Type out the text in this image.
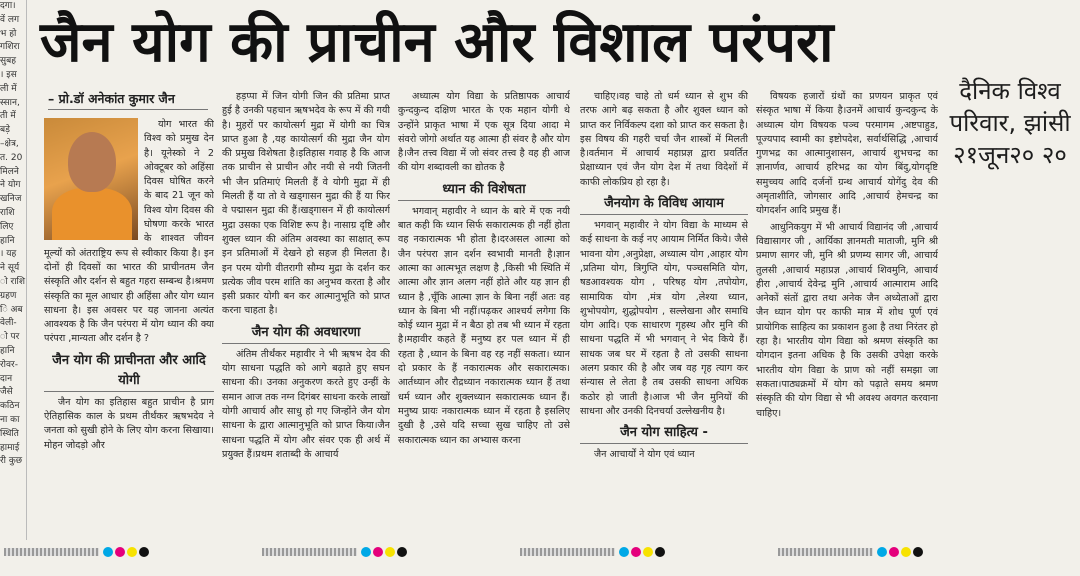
दगा।
वें लग
भ हो
गशिरा
सुबह
। इस
ली में
स्सान,
ती में
बड़े
–क्षेत्र,
त. 20
मिलने
ने योग
खनिज
राशि
लिए
हानि
। यह
ने सूर्य
ो राशि
ग्रहण
ि अब
वेली-
ो पर
हानि
रोवर-
दान
जैसे
कठिन
ना का
स्थिति
हामाई
री कुछ
जैन योग की प्राचीन और विशाल परंपरा
– प्रो.डॉ अनेकांत कुमार जैन

योग भारत की विश्व को प्रमुख देन है। यूनेस्को ने 2 ओक्टूबर को अहिंसा दिवस घोषित करने के बाद 21 जून को विश्व योग दिवस की घोषणा करके भारत के शाश्वत जीवन मूल्यों को अंतराष्ट्रिय रूप से स्वीकार किया है। इन दोनों ही दिवसों का भारत की प्राचीनतम जैन संस्कृति और दर्शन से बहुत गहरा सम्बन्ध है।श्रमण संस्कृति का मूल आधार ही अहिंसा और योग ध्यान साधना है। इस अवसर पर यह जानना अत्यंत आवश्यक है कि जैन परंपरा में योग ध्यान की क्या परंपरा ,मान्यता और दर्शन है ?

जैन योग की प्राचीनता और आदि योगी

जैन योग का इतिहास बहुत प्राचीन है प्राग ऐतिहासिक काल के प्रथम तीर्थंकर ऋषभदेव ने जनता को सुखी होने के लिए योग करना सिखाया।मोहन जोदड़ो और

हड़प्पा में जिन योगी जिन की प्रतिमा प्राप्त हुई है उनकी पहचान ऋषभदेव के रूप में की गयी है। मुहरों पर कायोत्सर्ग मुद्रा में योगी का चित्र प्राप्त हुआ है ,यह कायोत्सर्ग की मुद्रा जैन योग की प्रमुख विशेषता है।इतिहास गवाह है कि आज तक प्राचीन से प्राचीन और नयी से नयी जितनी भी जैन प्रतिमाएं मिलती हैं वे योगी मुद्रा में ही मिलती हैं या तो वे खड्गासन मुद्रा की हैं या फिर वे पद्मासन मुद्रा की हैं।खड्गासन में ही कायोत्सर्ग मुद्रा उसका एक विशिष्ट रूप है। नासाग्र दृष्टि और शुक्ल ध्यान की अंतिम अवस्था का साक्षात् रूप इन प्रतिमाओं में देखने हो सहज ही मिलता है। इन परम योगी वीतरागी सौम्य मुद्रा के दर्शन कर प्रत्येक जीव परम शांति का अनुभव करता है और इसी प्रकार योगी बन कर आत्मानुभूति को प्राप्त करना चाहता है।

जैन योग की अवधारणा

अंतिम तीर्थंकर महावीर ने भी ऋषभ देव की योग साधना पद्धति को आगे बढ़ाते हुए सघन साधना की। उनका अनुकरण करते हुए उन्हीं के समान आज तक नग्न दिगंबर साधना करके लाखों योगी आचार्य और साधु हो गए जिन्होंने जैन योग साधना के द्वारा आत्मानुभूति को प्राप्त किया।जैन साधना पद्धति में योग और संवर एक ही अर्थ में प्रयुक्त हैं।प्रथम शताब्दी के आचार्य

अध्यात्म योग विद्या के प्रतिष्ठापक आचार्य कुन्दकुन्द दक्षिण भारत के एक महान योगी थे उन्होंने प्राकृत भाषा में एक सूत्र दिया आदा मे संवरो जोगो अर्थात यह आत्मा ही संवर है और योग है।जैन तत्त्व विद्या में जो संवर तत्त्व है वह ही आज की योग शब्दावली का द्योतक है

ध्यान की विशेषता

भगवान् महावीर ने ध्यान के बारे में एक नयी बात कही कि ध्यान सिर्फ सकारात्मक ही नहीं होता वह नकारात्मक भी होता है।दरअसल आत्मा को जैन परंपरा ज्ञान दर्शन स्वभावी मानती है।ज्ञान आत्मा का आत्मभूत लक्षण है ,किसी भी स्थिति में आत्मा और ज्ञान अलग नहीं होते और यह ज्ञान ही ध्यान है ,चूँकि आत्मा ज्ञान के बिना नहीं अतः वह ध्यान के बिना भी नहीं।पढ़कर आश्चर्य लगेगा कि कोई ध्यान मुद्रा में न बैठा हो तब भी ध्यान में रहता है।महावीर कहते हैं मनुष्य हर पल ध्यान में ही रहता है ,ध्यान के बिना वह रह नहीं सकता। ध्यान दो प्रकार के हैं नकारात्मक और सकारात्मक। आर्तध्यान और रौद्रध्यान नकारात्मक ध्यान हैं तथा धर्म ध्यान और शुक्लध्यान सकारात्मक ध्यान हैं।मनुष्य प्रायः नकारात्मक ध्यान में रहता है इसलिए दुखी है ,उसे यदि सच्चा सुख चाहिए तो उसे सकारात्मक ध्यान का अभ्यास करना

चाहिए।वह चाहे तो धर्म ध्यान से शुभ की तरफ आगे बढ़ सकता है और शुक्ल ध्यान को प्राप्त कर निर्विकल्प दशा को प्राप्त कर सकता है। इस विषय की गहरी चर्चा जैन शास्त्रों में मिलती है।वर्तमान में आचार्य महाप्रज्ञ द्वारा प्रवर्तित प्रेक्षाध्यान एवं जैन योग देश में तथा विदेशों में काफी लोकप्रिय हो रहा है।

जैनयोग के विविध आयाम

भगवान् महावीर ने योग विद्या के माध्यम से कई साधना के कई नए आयाम निर्मित किये। जैसे भावना योग ,अनुप्रेक्षा, अध्यात्म योग ,आहार योग ,प्रतिमा योग, त्रिगुप्ति योग, पञ्चसमिति योग, षडआवश्यक योग , परिषह योग ,तपोयोग, सामायिक योग ,मंत्र योग ,लेश्या ध्यान, शुभोपयोग, शुद्धोपयोग , सल्लेखना और समाधि योग आदि। एक साधारण गृहस्थ और मुनि की साधना पद्धति में भी भगवान् ने भेद किये हैं। साधक जब घर में रहता है तो उसकी साधना अलग प्रकार की है और जब वह गृह त्याग कर संन्यास ले लेता है तब उसकी साधना अधिक कठोर हो जाती है।आज भी जैन मुनियों की साधना और उनकी दिनचर्या उल्लेखनीय है।

जैन योग साहित्य -

जैन आचार्यों ने योग एवं ध्यान

विषयक हजारों ग्रंथों का प्रणयन प्राकृत एवं संस्कृत भाषा में किया है।उनमें आचार्य कुन्दकुन्द के अध्यात्म योग विषयक पञ्च परमागम ,अष्टपाहुड, पूज्यपाद स्वामी का इष्टोपदेश, सर्वार्थसिद्धि ,आचार्य गुणभद्र का आत्मानुशासन, आचार्य शुभचन्द्र का ज्ञानार्णव, आचार्य हरिभद्र का योग बिंदु,योगदृष्टि समुच्चय आदि दर्जनों ग्रन्थ आचार्य योगेंदु देव की अमृताशीति, जोगसार आदि ,आचार्य हेमचन्द्र का योगदर्शन आदि प्रमुख हैं।

आधुनिकयुग में भी आचार्य विद्यानंद जी ,आचार्य विद्यासागर जी , आर्यिका ज्ञानमती माताजी, मुनि श्री प्रमाण सागर जी, मुनि श्री प्रणम्य सागर जी, आचार्य तुलसी ,आचार्य महाप्रज्ञ ,आचार्य शिवमुनि, आचार्य हीरा ,आचार्य देवेन्द्र मुनि ,आचार्य आत्माराम आदि अनेकों संतों द्वारा तथा अनेक जैन अध्येताओं द्वारा जैन ध्यान योग पर काफी मात्र में शोध पूर्ण एवं प्रायोगिक साहित्य का प्रकाशन हुआ है तथा निरंतर हो रहा है। भारतीय योग विद्या को श्रमण संस्कृति का योगदान इतना अधिक है कि उसकी उपेक्षा करके भारतीय योग विद्या के प्राण को नहीं समझा जा सकता।पाठ्यक्रमों में योग को पढ़ाते समय श्रमण संस्कृति की योग विद्या से भी अवश्य अवगत करवाना चाहिए।

दैनिक विश्व परिवार, झांसी २१जून२० २०
